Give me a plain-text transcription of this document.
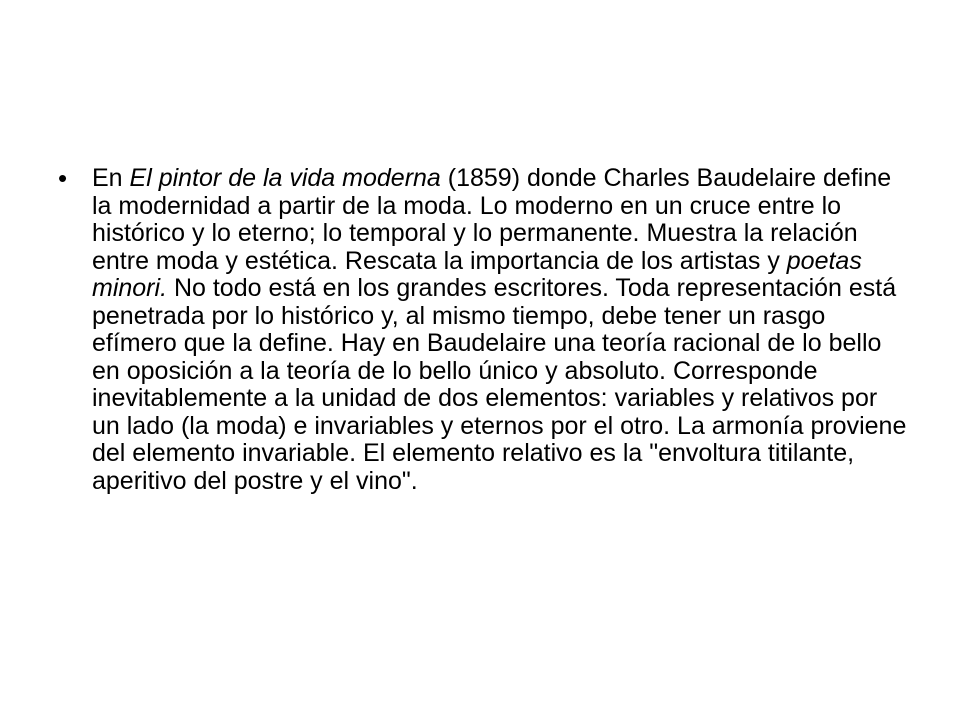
• En El pintor de la vida moderna (1859) donde Charles Baudelaire define la modernidad a partir de la moda. Lo moderno en un cruce entre lo histórico y lo eterno; lo temporal y lo permanente. Muestra la relación entre moda y estética. Rescata la importancia de los artistas y poetas minori. No todo está en los grandes escritores. Toda representación está penetrada por lo histórico y, al mismo tiempo, debe tener un rasgo efímero que la define. Hay en Baudelaire una teoría racional de lo bello en oposición a la teoría de lo bello único y absoluto. Corresponde inevitablemente a la unidad de dos elementos: variables y relativos por un lado (la moda) e invariables y eternos por el otro. La armonía proviene del elemento invariable. El elemento relativo es la "envoltura titilante, aperitivo del postre y el vino".
